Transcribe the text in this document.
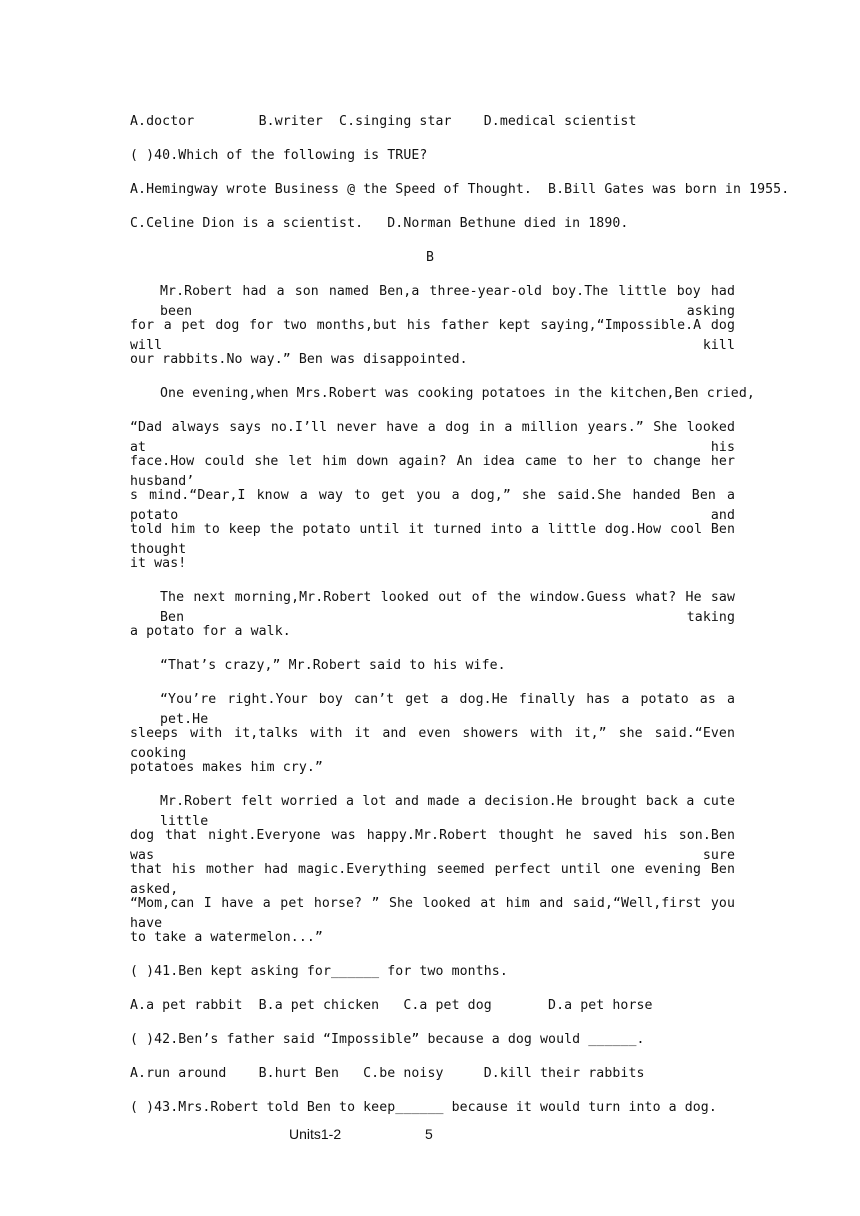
A.doctor        B.writer  C.singing star    D.medical scientist
( )40.Which of the following is TRUE?
A.Hemingway wrote Business @ the Speed of Thought.  B.Bill Gates was born in 1955.
C.Celine Dion is a scientist.   D.Norman Bethune died in 1890.
B
Mr.Robert had a son named Ben,a three-year-old boy.The little boy had been asking
for a pet dog for two months,but his father kept saying,“Impossible.A dog will kill
our rabbits.No way.” Ben was disappointed.
One evening,when Mrs.Robert was cooking potatoes in the kitchen,Ben cried,
“Dad always says no.I’ll never have a dog in a million years.” She looked at his
face.How could she let him down again? An idea came to her to change her husband’
s mind.“Dear,I know a way to get you a dog,” she said.She handed Ben a potato and
told him to keep the potato until it turned into a little dog.How cool Ben thought
it was!
The next morning,Mr.Robert looked out of the window.Guess what? He saw Ben taking
a potato for a walk.
“That’s crazy,” Mr.Robert said to his wife.
“You’re right.Your boy can’t get a dog.He finally has a potato as a pet.He
sleeps with it,talks with it and even showers with it,” she said.“Even cooking
potatoes makes him cry.”
Mr.Robert felt worried a lot and made a decision.He brought back a cute little
dog that night.Everyone was happy.Mr.Robert thought he saved his son.Ben was sure
that his mother had magic.Everything seemed perfect until one evening Ben asked,
“Mom,can I have a pet horse? ” She looked at him and said,“Well,first you have
to take a watermelon...”
( )41.Ben kept asking for______ for two months.
A.a pet rabbit  B.a pet chicken   C.a pet dog       D.a pet horse
( )42.Ben’s father said “Impossible” because a dog would ______.
A.run around    B.hurt Ben   C.be noisy     D.kill their rabbits
( )43.Mrs.Robert told Ben to keep______ because it would turn into a dog.
Units1-2	5
